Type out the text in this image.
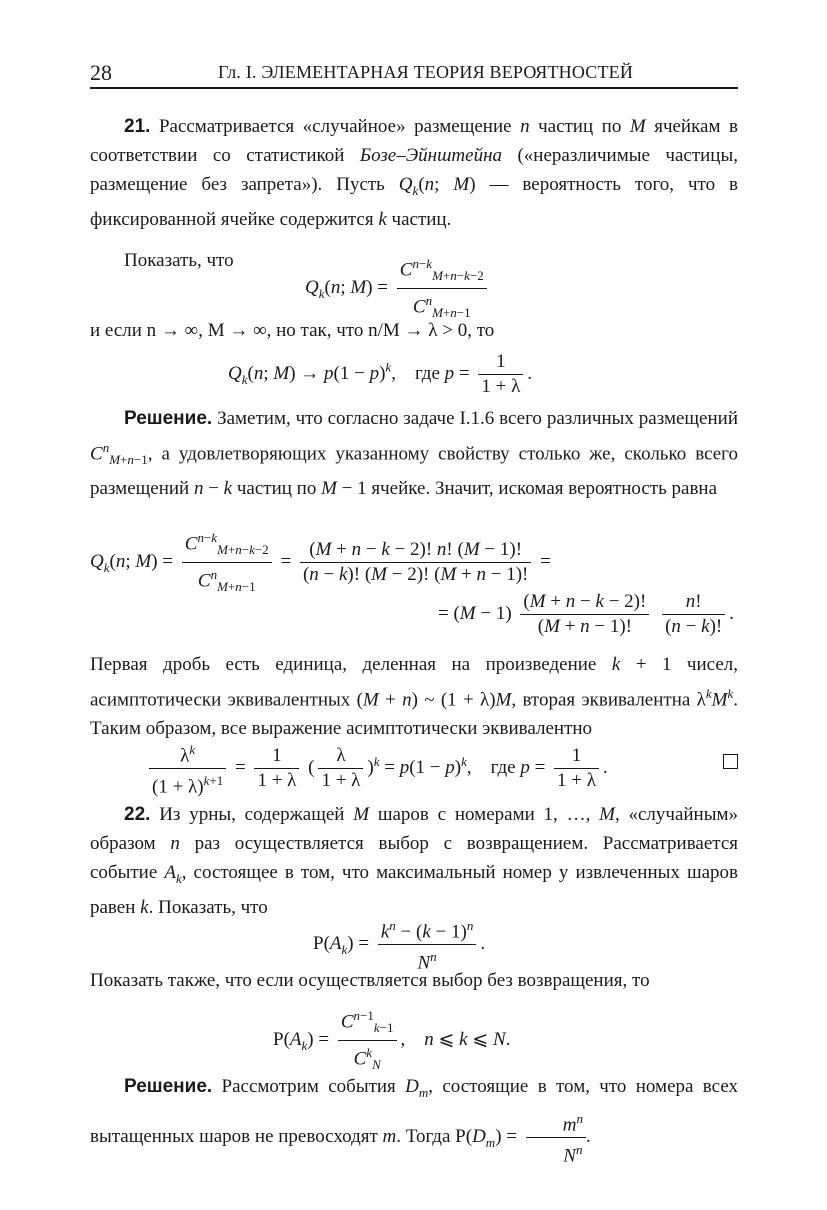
28	Гл. I. ЭЛЕМЕНТАРНАЯ ТЕОРИЯ ВЕРОЯТНОСТЕЙ

21. Рассматривается «случайное» размещение n частиц по M ячейкам в соответствии со статистикой Бозе–Эйнштейна («неразличимые частицы, размещение без запрета»). Пусть $Q_k(n$; M) — вероятность того, что в фиксированной ячейке содержится k частиц.

Показать, что

$Q_k(n$; $M) = \frac{C^{n-k}_{M+n-k-2}}{C^n_{M+n-1}}$

и если n → ∞, M → ∞, но так, что n/M → λ > 0, то

$Q_k(n$; $M) \to p(1 - p)^k$,    где $p = \frac{1}{1 + \lambda}$ .

Решение. Заметим, что согласно задаче I.1.6 всего различных размещений $C^n_{M+n-1}$, а удовлетворяющих указанному свойству столько же, сколько всего размещений n − k частиц по M − 1 ячейке. Значит, искомая вероятность равна

$Q_k(n$; $M) = \frac{C^{n-k}_{M+n-k-2}}{C^n_{M+n-1}} = \frac{(M + n - k - 2)! n! (M - 1)!}{(n - k)! (M - 2)! (M + n - 1)!}$ =
= $(M - 1) \frac{(M + n - k - 2)!}{(M + n - 1)!}$
$\frac{n!}{(n - k)!}$ .

Первая дробь есть единица, деленная на произведение k + 1 чисел, асимптотически эквивалентных (M + n) ~ (1 + λ)M, вторая эквивалентна $\lambda^kM^k$. Таким образом, все выражение асимптотически эквивалентно

$\frac{\lambda^k}{(1 + \lambda)^{k+1}} = \frac{1}{1 + \lambda}$ ( $\frac{\lambda}{1 + \lambda} )^k = p(1 - p)^k$,    где $p = \frac{1}{1 + \lambda}$ .

22. Из урны, содержащей M шаров с номерами 1, …, M, «случайным» образом n раз осуществляется выбор с возвращением. Рассматривается событие $A_k$, состоящее в том, что максимальный номер у извлеченных шаров равен k. Показать, что

$P(A_k) = \frac{k^n - (k - 1)^n}{N^n}$ .

Показать также, что если осуществляется выбор без возвращения, то

$P(A_k) = \frac{C^{n-1}_{k-1}}{C^k_N}$ ,    n ⩽ k ⩽ N.

Решение. Рассмотрим события $D_m$, состоящие в том, что номера всех вытащенных шаров не превосходят m. Тогда $P(D_m) = \frac{m^n}{N^n}$ .
